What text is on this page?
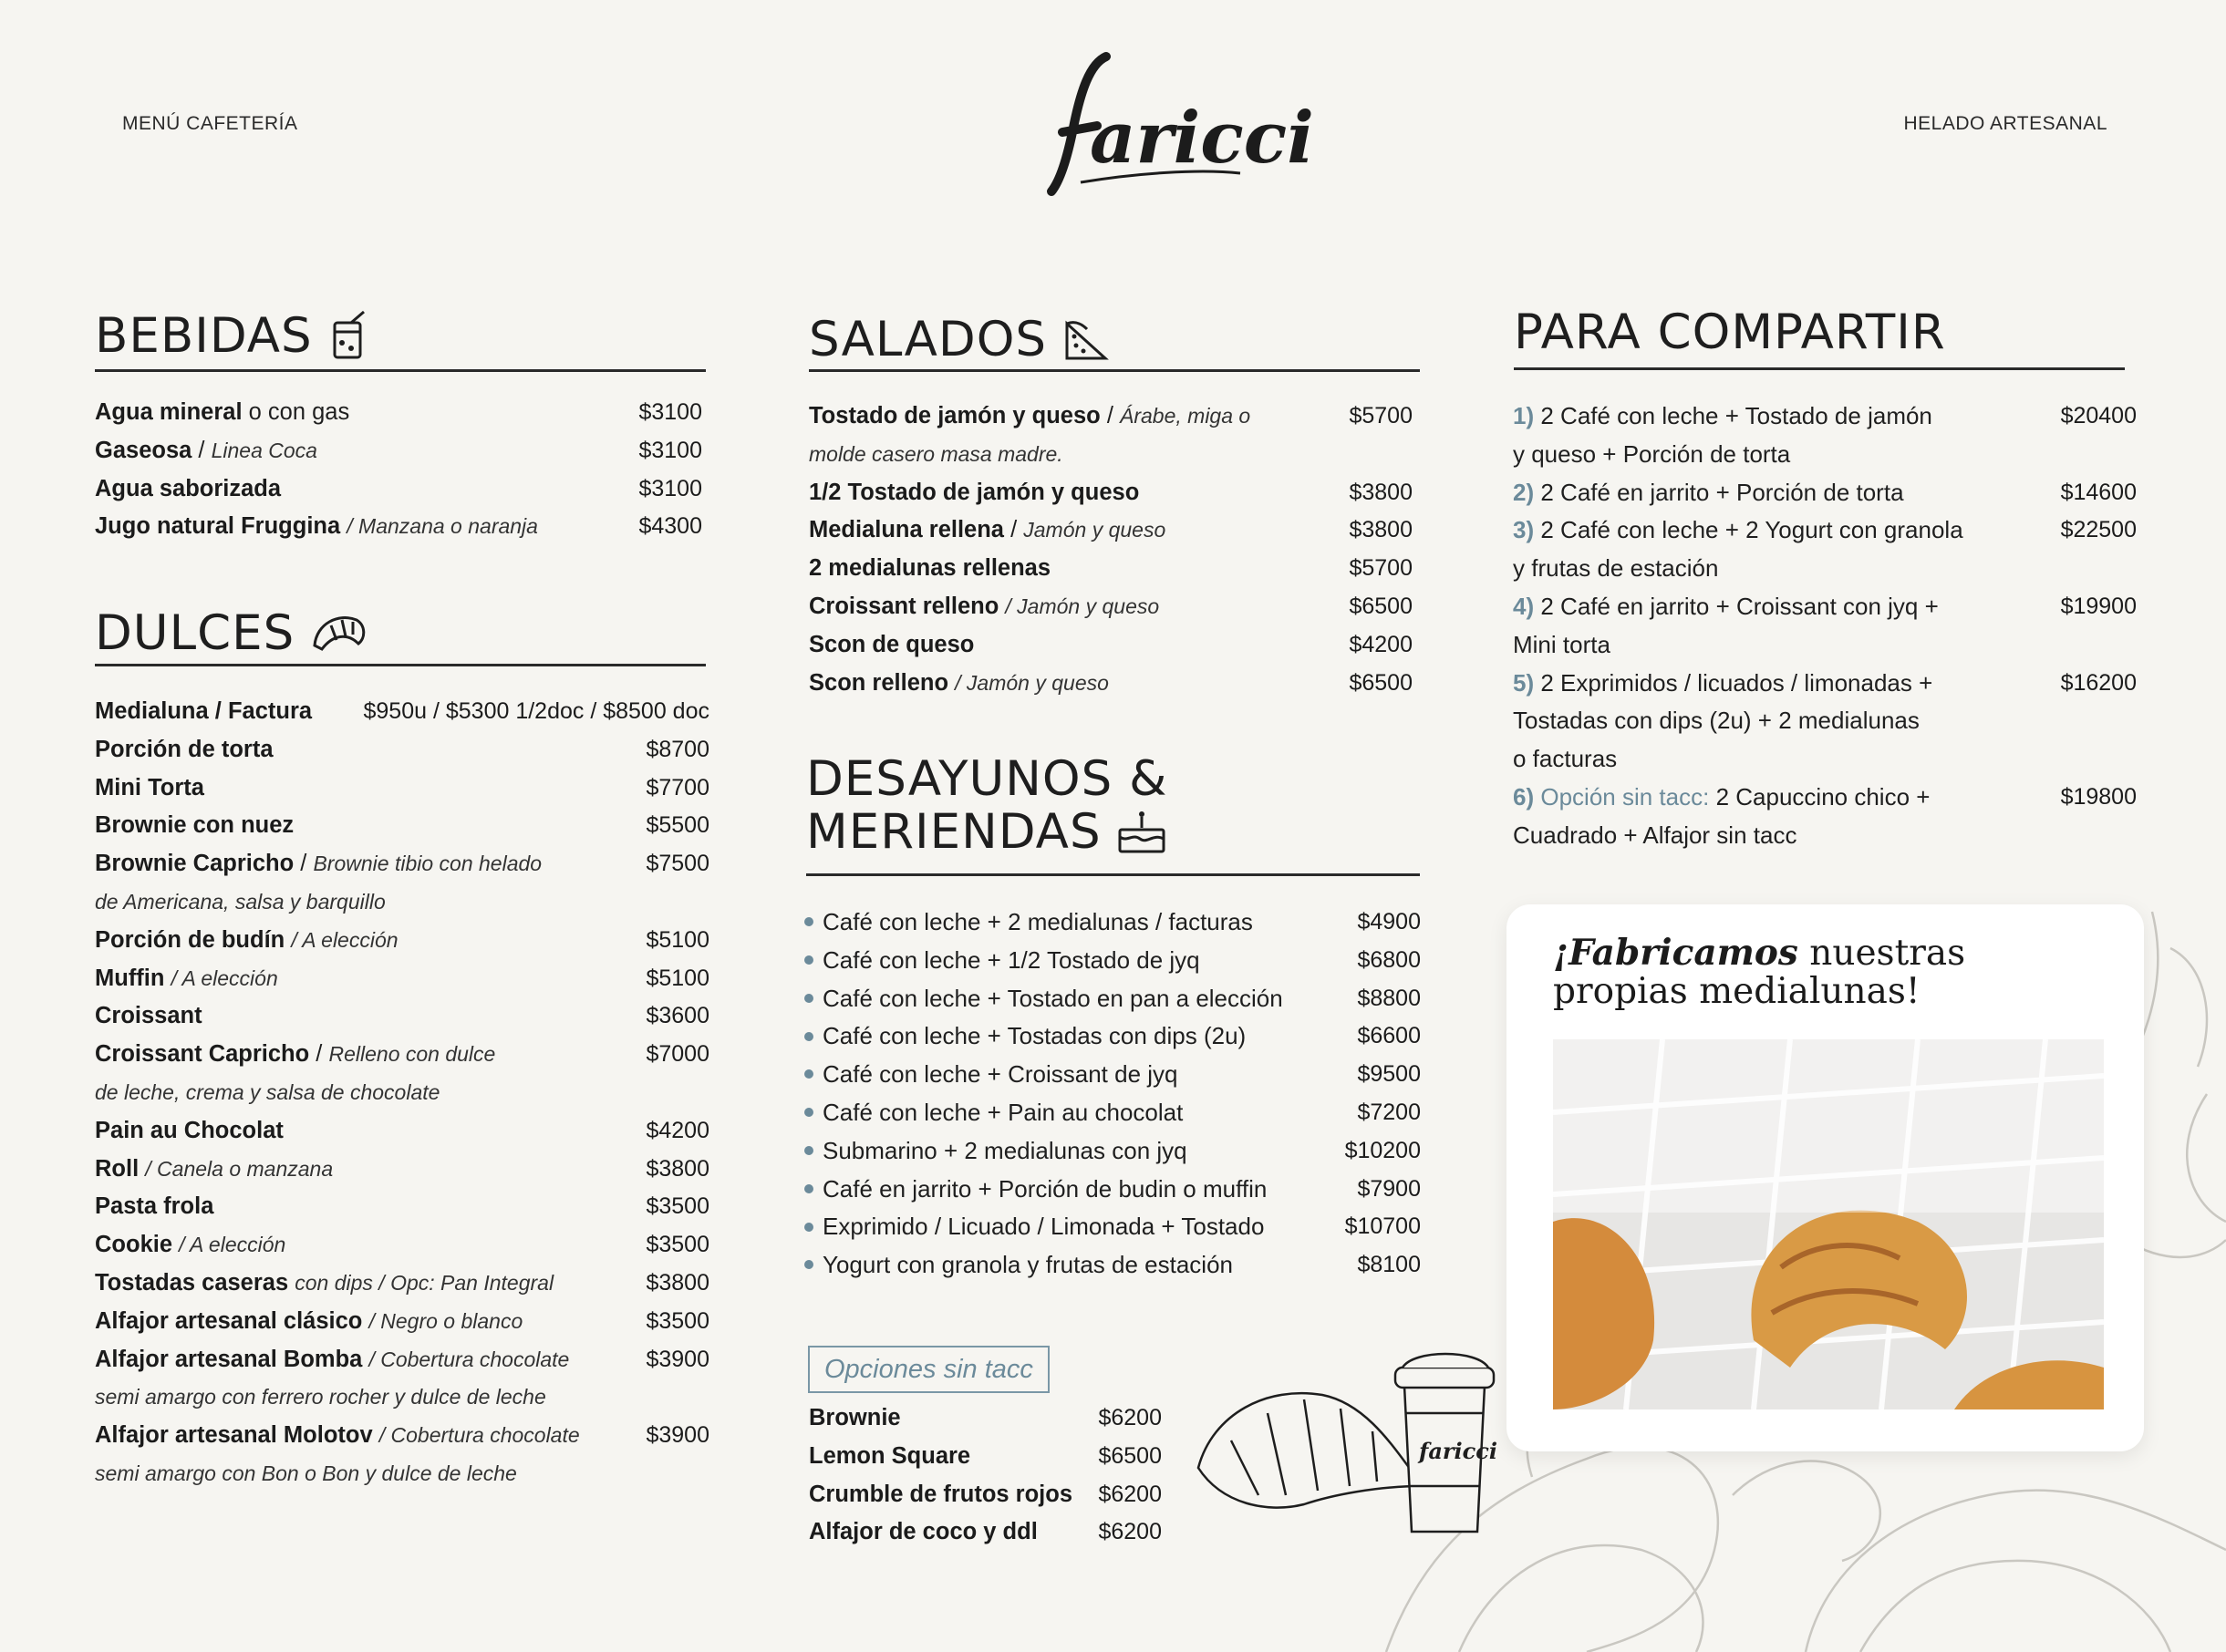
MENÚ CAFETERÍA	HELADO ARTESANAL
aricci
BEBIDAS
Agua mineral o con gas	$3100
Gaseosa / Linea Coca	$3100
Agua saborizada	$3100
Jugo natural Fruggina / Manzana o naranja	$4300
DULCES
Medialuna / Factura $950u / $5300 1/2doc / $8500 doc
Porción de torta	$8700
Mini Torta	$7700
Brownie con nuez	$5500
Brownie Capricho / Brownie tibio con helado	$7500
de Americana, salsa y barquillo
Porción de budín / A elección	$5100
Muffin / A elección	$5100
Croissant	$3600
Croissant Capricho / Relleno con dulce	$7000
de leche, crema y salsa de chocolate
Pain au Chocolat	$4200
Roll / Canela o manzana	$3800
Pasta frola	$3500
Cookie / A elección	$3500
Tostadas caseras con dips / Opc: Pan Integral	$3800
Alfajor artesanal clásico / Negro o blanco	$3500
Alfajor artesanal Bomba / Cobertura chocolate	$3900
semi amargo con ferrero rocher y dulce de leche
Alfajor artesanal Molotov / Cobertura chocolate	$3900
semi amargo con Bon o Bon y dulce de leche
SALADOS
Tostado de jamón y queso / Árabe, miga o	$5700
molde casero masa madre.
1/2 Tostado de jamón y queso	$3800
Medialuna rellena / Jamón y queso	$3800
2 medialunas rellenas	$5700
Croissant relleno / Jamón y queso	$6500
Scon de queso	$4200
Scon relleno / Jamón y queso	$6500
DESAYUNOS &
MERIENDAS
Café con leche + 2 medialunas / facturas	$4900
Café con leche + 1/2 Tostado de jyq	$6800
Café con leche + Tostado en pan a elección	$8800
Café con leche + Tostadas con dips (2u)	$6600
Café con leche + Croissant de jyq	$9500
Café con leche + Pain au chocolat	$7200
Submarino + 2 medialunas con jyq	$10200
Café en jarrito + Porción de budin o muffin	$7900
Exprimido / Licuado / Limonada + Tostado	$10700
Yogurt con granola y frutas de estación	$8100
Opciones sin tacc
Brownie	$6200
Lemon Square	$6500
Crumble de frutos rojos $6200
Alfajor de coco y ddl	$6200
PARA COMPARTIR
1) 2 Café con leche + Tostado de jamón	$20400
y queso + Porción de torta
2) 2 Café en jarrito + Porción de torta	$14600
3) 2 Café con leche + 2 Yogurt con granola	$22500
y frutas de estación
4) 2 Café en jarrito + Croissant con jyq +	$19900
Mini torta
5) 2 Exprimidos / licuados / limonadas +	$16200
Tostadas con dips (2u) + 2 medialunas
o facturas
6) Opción sin tacc: 2 Capuccino chico +	$19800
Cuadrado + Alfajor sin tacc
¡Fabricamos nuestras
propias medialunas!
faricci
